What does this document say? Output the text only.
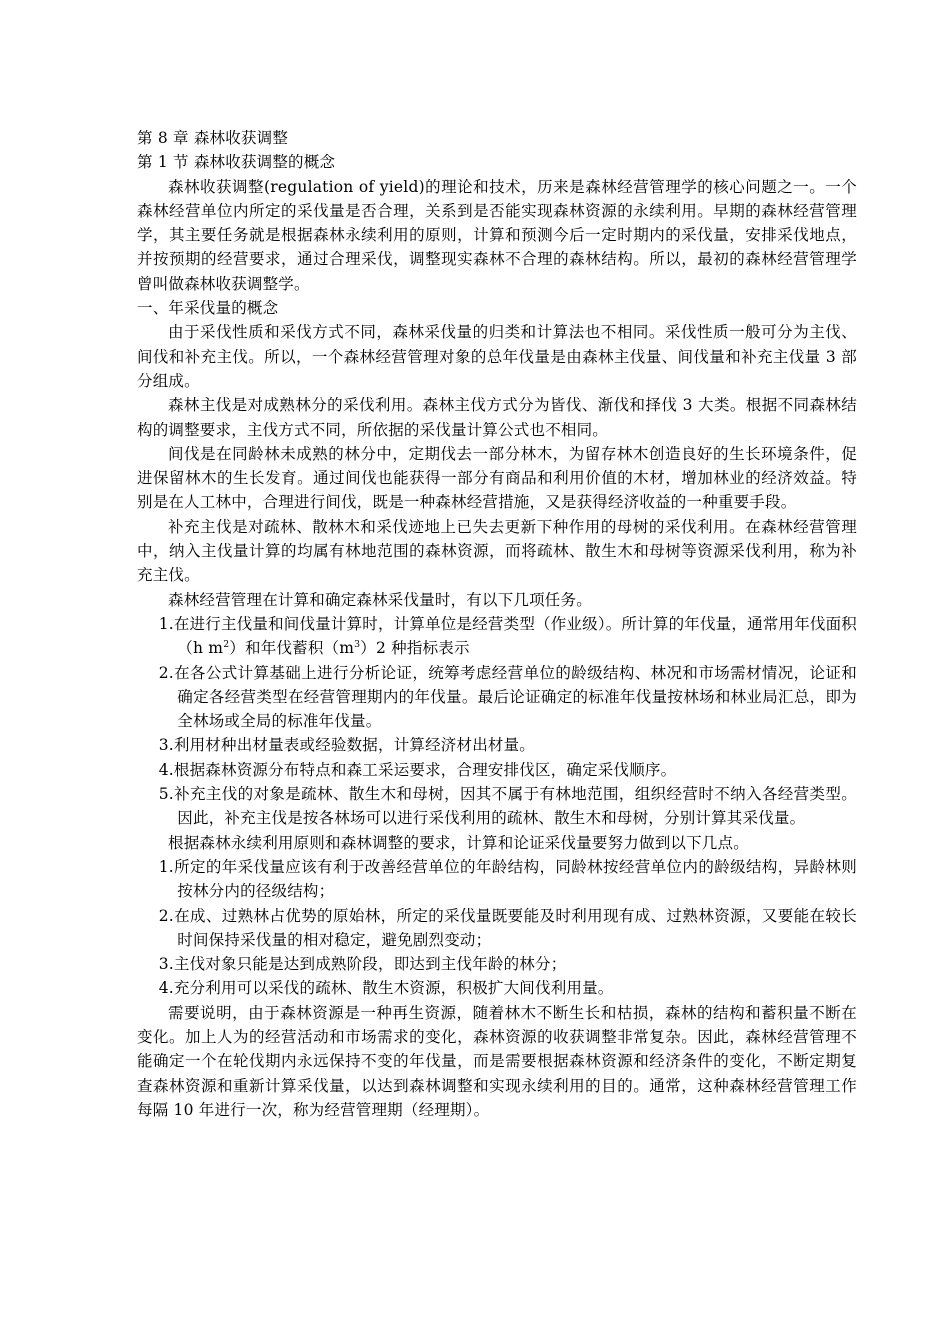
第 8 章 森林收获调整

第 1 节 森林收获调整的概念

森林收获调整(regulation of yield)的理论和技术，历来是森林经营管理学的核心问题之一。一个森林经营单位内所定的采伐量是否合理，关系到是否能实现森林资源的永续利用。早期的森林经营管理学，其主要任务就是根据森林永续利用的原则，计算和预测今后一定时期内的采伐量，安排采伐地点，并按预期的经营要求，通过合理采伐，调整现实森林不合理的森林结构。所以，最初的森林经营管理学曾叫做森林收获调整学。

一、年采伐量的概念

由于采伐性质和采伐方式不同，森林采伐量的归类和计算法也不相同。采伐性质一般可分为主伐、间伐和补充主伐。所以，一个森林经营管理对象的总年伐量是由森林主伐量、间伐量和补充主伐量 3 部分组成。

森林主伐是对成熟林分的采伐利用。森林主伐方式分为皆伐、渐伐和择伐 3 大类。根据不同森林结构的调整要求，主伐方式不同，所依据的采伐量计算公式也不相同。

间伐是在同龄林未成熟的林分中，定期伐去一部分林木，为留存林木创造良好的生长环境条件，促进保留林木的生长发育。通过间伐也能获得一部分有商品和利用价值的木材，增加林业的经济效益。特别是在人工林中，合理进行间伐，既是一种森林经营措施，又是获得经济收益的一种重要手段。

补充主伐是对疏林、散林木和采伐迹地上已失去更新下种作用的母树的采伐利用。在森林经营管理中，纳入主伐量计算的均属有林地范围的森林资源，而将疏林、散生木和母树等资源采伐利用，称为补充主伐。

森林经营管理在计算和确定森林采伐量时，有以下几项任务。

1.在进行主伐量和间伐量计算时，计算单位是经营类型（作业级）。所计算的年伐量，通常用年伐面积（h $m^2$）和年伐蓄积$(m^3)2$ 种指标表示

2.在各公式计算基础上进行分析论证，统筹考虑经营单位的龄级结构、林况和市场需材情况，论证和确定各经营类型在经营管理期内的年伐量。最后论证确定的标准年伐量按林场和林业局汇总，即为全林场或全局的标准年伐量。

3.利用材种出材量表或经验数据，计算经济材出材量。

4.根据森林资源分布特点和森工采运要求，合理安排伐区，确定采伐顺序。

5.补充主伐的对象是疏林、散生木和母树，因其不属于有林地范围，组织经营时不纳入各经营类型。因此，补充主伐是按各林场可以进行采伐利用的疏林、散生木和母树，分别计算其采伐量。

根据森林永续利用原则和森林调整的要求，计算和论证采伐量要努力做到以下几点。

1.所定的年采伐量应该有利于改善经营单位的年龄结构，同龄林按经营单位内的龄级结构，异龄林则按林分内的径级结构；

2.在成、过熟林占优势的原始林，所定的采伐量既要能及时利用现有成、过熟林资源，又要能在较长时间保持采伐量的相对稳定，避免剧烈变动；

3.主伐对象只能是达到成熟阶段，即达到主伐年龄的林分；

4.充分利用可以采伐的疏林、散生木资源，积极扩大间伐利用量。

需要说明，由于森林资源是一种再生资源，随着林木不断生长和枯损，森林的结构和蓄积量不断在变化。加上人为的经营活动和市场需求的变化，森林资源的收获调整非常复杂。因此，森林经营管理不能确定一个在轮伐期内永远保持不变的年伐量，而是需要根据森林资源和经济条件的变化，不断定期复查森林资源和重新计算采伐量，以达到森林调整和实现永续利用的目的。通常，这种森林经营管理工作每隔 10 年进行一次，称为经营管理期（经理期）。
